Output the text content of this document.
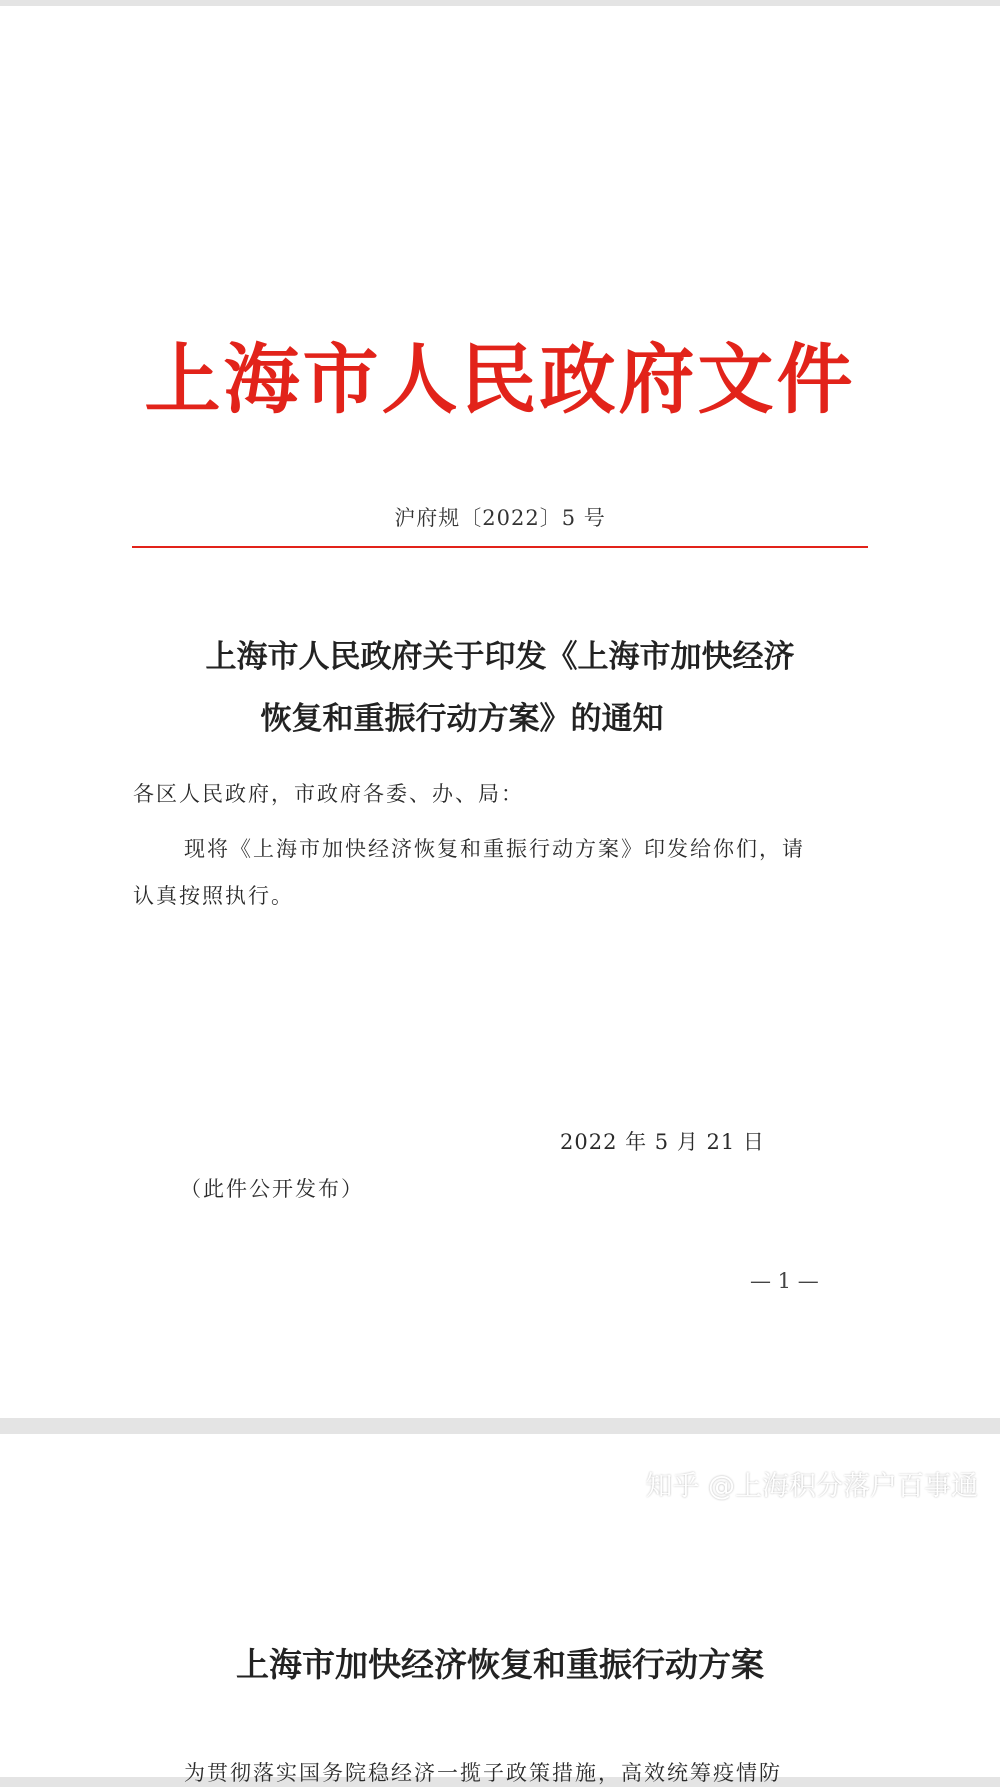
上海市人民政府文件
沪府规〔2022〕5 号
上海市人民政府关于印发《上海市加快经济
恢复和重振行动方案》的通知
各区人民政府，市政府各委、办、局：
现将《上海市加快经济恢复和重振行动方案》印发给你们，请
认真按照执行。
2022 年 5 月 21 日
（此件公开发布）
— 1 —
上海市加快经济恢复和重振行动方案
为贯彻落实国务院稳经济一揽子政策措施，高效统筹疫情防
知乎 @上海积分落户百事通
